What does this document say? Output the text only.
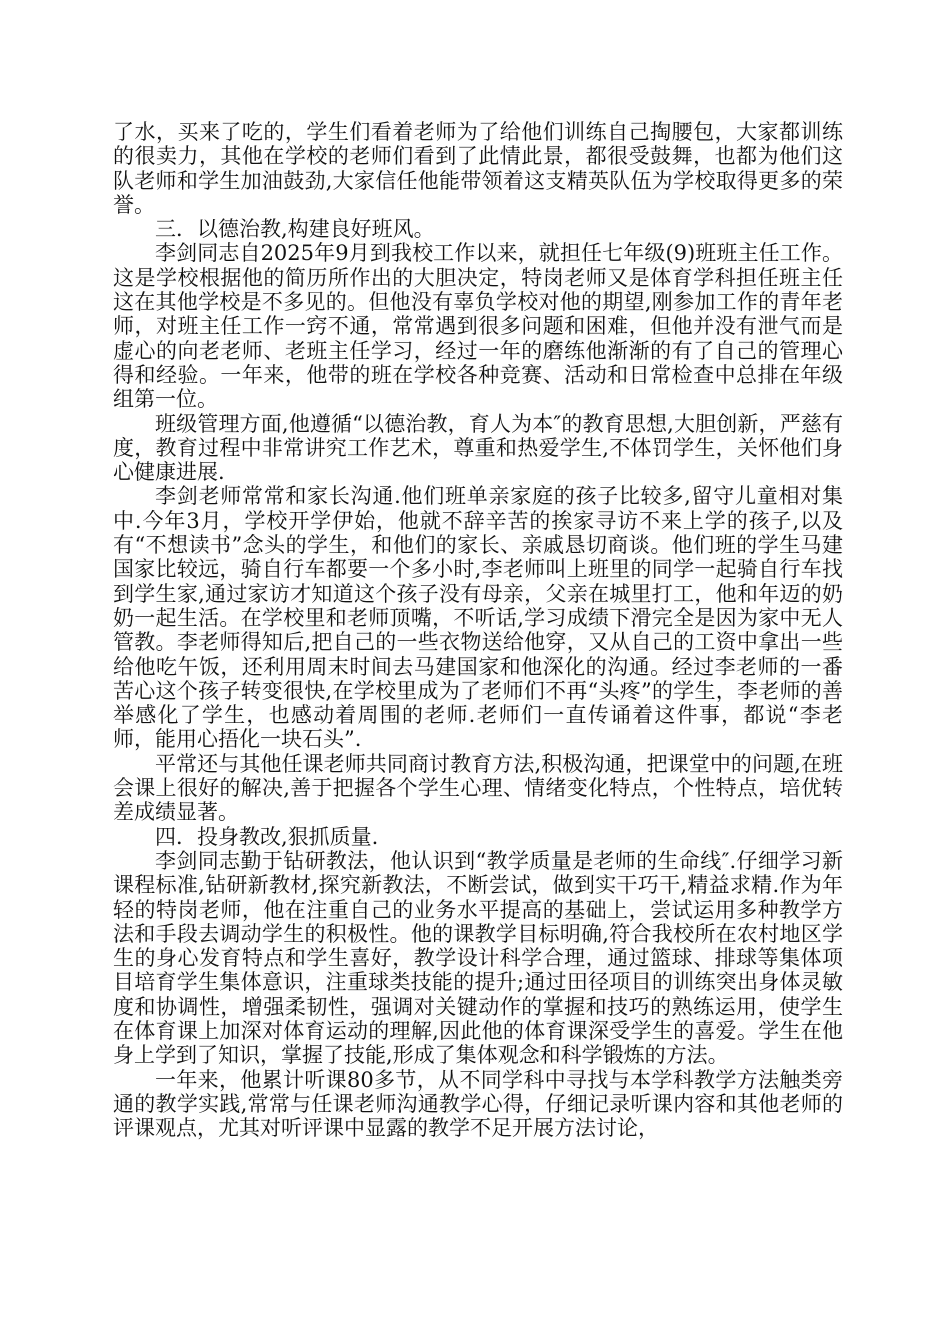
了水，买来了吃的，学生们看着老师为了给他们训练自己掏腰包，大家都训练的很卖力，其他在学校的老师们看到了此情此景，都很受鼓舞，也都为他们这队老师和学生加油鼓劲,大家信任他能带领着这支精英队伍为学校取得更多的荣誉。

三．以德治教,构建良好班风。

李剑同志自2025年9月到我校工作以来，就担任七年级(9)班班主任工作。这是学校根据他的简历所作出的大胆决定，特岗老师又是体育学科担任班主任这在其他学校是不多见的。但他没有辜负学校对他的期望,刚参加工作的青年老师，对班主任工作一窍不通，常常遇到很多问题和困难，但他并没有泄气而是虚心的向老老师、老班主任学习，经过一年的磨练他渐渐的有了自己的管理心得和经验。一年来，他带的班在学校各种竞赛、活动和日常检查中总排在年级组第一位。

班级管理方面,他遵循“以德治教，育人为本″的教育思想,大胆创新，严慈有度，教育过程中非常讲究工作艺术，尊重和热爱学生,不体罚学生，关怀他们身心健康进展.

李剑老师常常和家长沟通.他们班单亲家庭的孩子比较多,留守儿童相对集中.今年3月，学校开学伊始，他就不辞辛苦的挨家寻访不来上学的孩子,以及有“不想读书”念头的学生，和他们的家长、亲戚恳切商谈。他们班的学生马建国家比较远，骑自行车都要一个多小时,李老师叫上班里的同学一起骑自行车找到学生家,通过家访才知道这个孩子没有母亲，父亲在城里打工，他和年迈的奶奶一起生活。在学校里和老师顶嘴，不听话,学习成绩下滑完全是因为家中无人管教。李老师得知后,把自己的一些衣物送给他穿，又从自己的工资中拿出一些给他吃午饭，还利用周末时间去马建国家和他深化的沟通。经过李老师的一番苦心这个孩子转变很快,在学校里成为了老师们不再“头疼”的学生，李老师的善举感化了学生，也感动着周围的老师.老师们一直传诵着这件事，都说“李老师，能用心捂化一块石头”.

平常还与其他任课老师共同商讨教育方法,积极沟通，把课堂中的问题,在班会课上很好的解决,善于把握各个学生心理、情绪变化特点，个性特点，培优转差成绩显著。

四．投身教改,狠抓质量.

李剑同志勤于钻研教法，他认识到“教学质量是老师的生命线″.仔细学习新课程标准,钻研新教材,探究新教法，不断尝试，做到实干巧干,精益求精.作为年轻的特岗老师，他在注重自己的业务水平提高的基础上，尝试运用多种教学方法和手段去调动学生的积极性。他的课教学目标明确,符合我校所在农村地区学生的身心发育特点和学生喜好，教学设计科学合理，通过篮球、排球等集体项目培育学生集体意识，注重球类技能的提升;通过田径项目的训练突出身体灵敏度和协调性，增强柔韧性，强调对关键动作的掌握和技巧的熟练运用，使学生在体育课上加深对体育运动的理解,因此他的体育课深受学生的喜爱。学生在他身上学到了知识，掌握了技能,形成了集体观念和科学锻炼的方法。

一年来，他累计听课80多节，从不同学科中寻找与本学科教学方法触类旁通的教学实践,常常与任课老师沟通教学心得，仔细记录听课内容和其他老师的评课观点，尤其对听评课中显露的教学不足开展方法讨论，
